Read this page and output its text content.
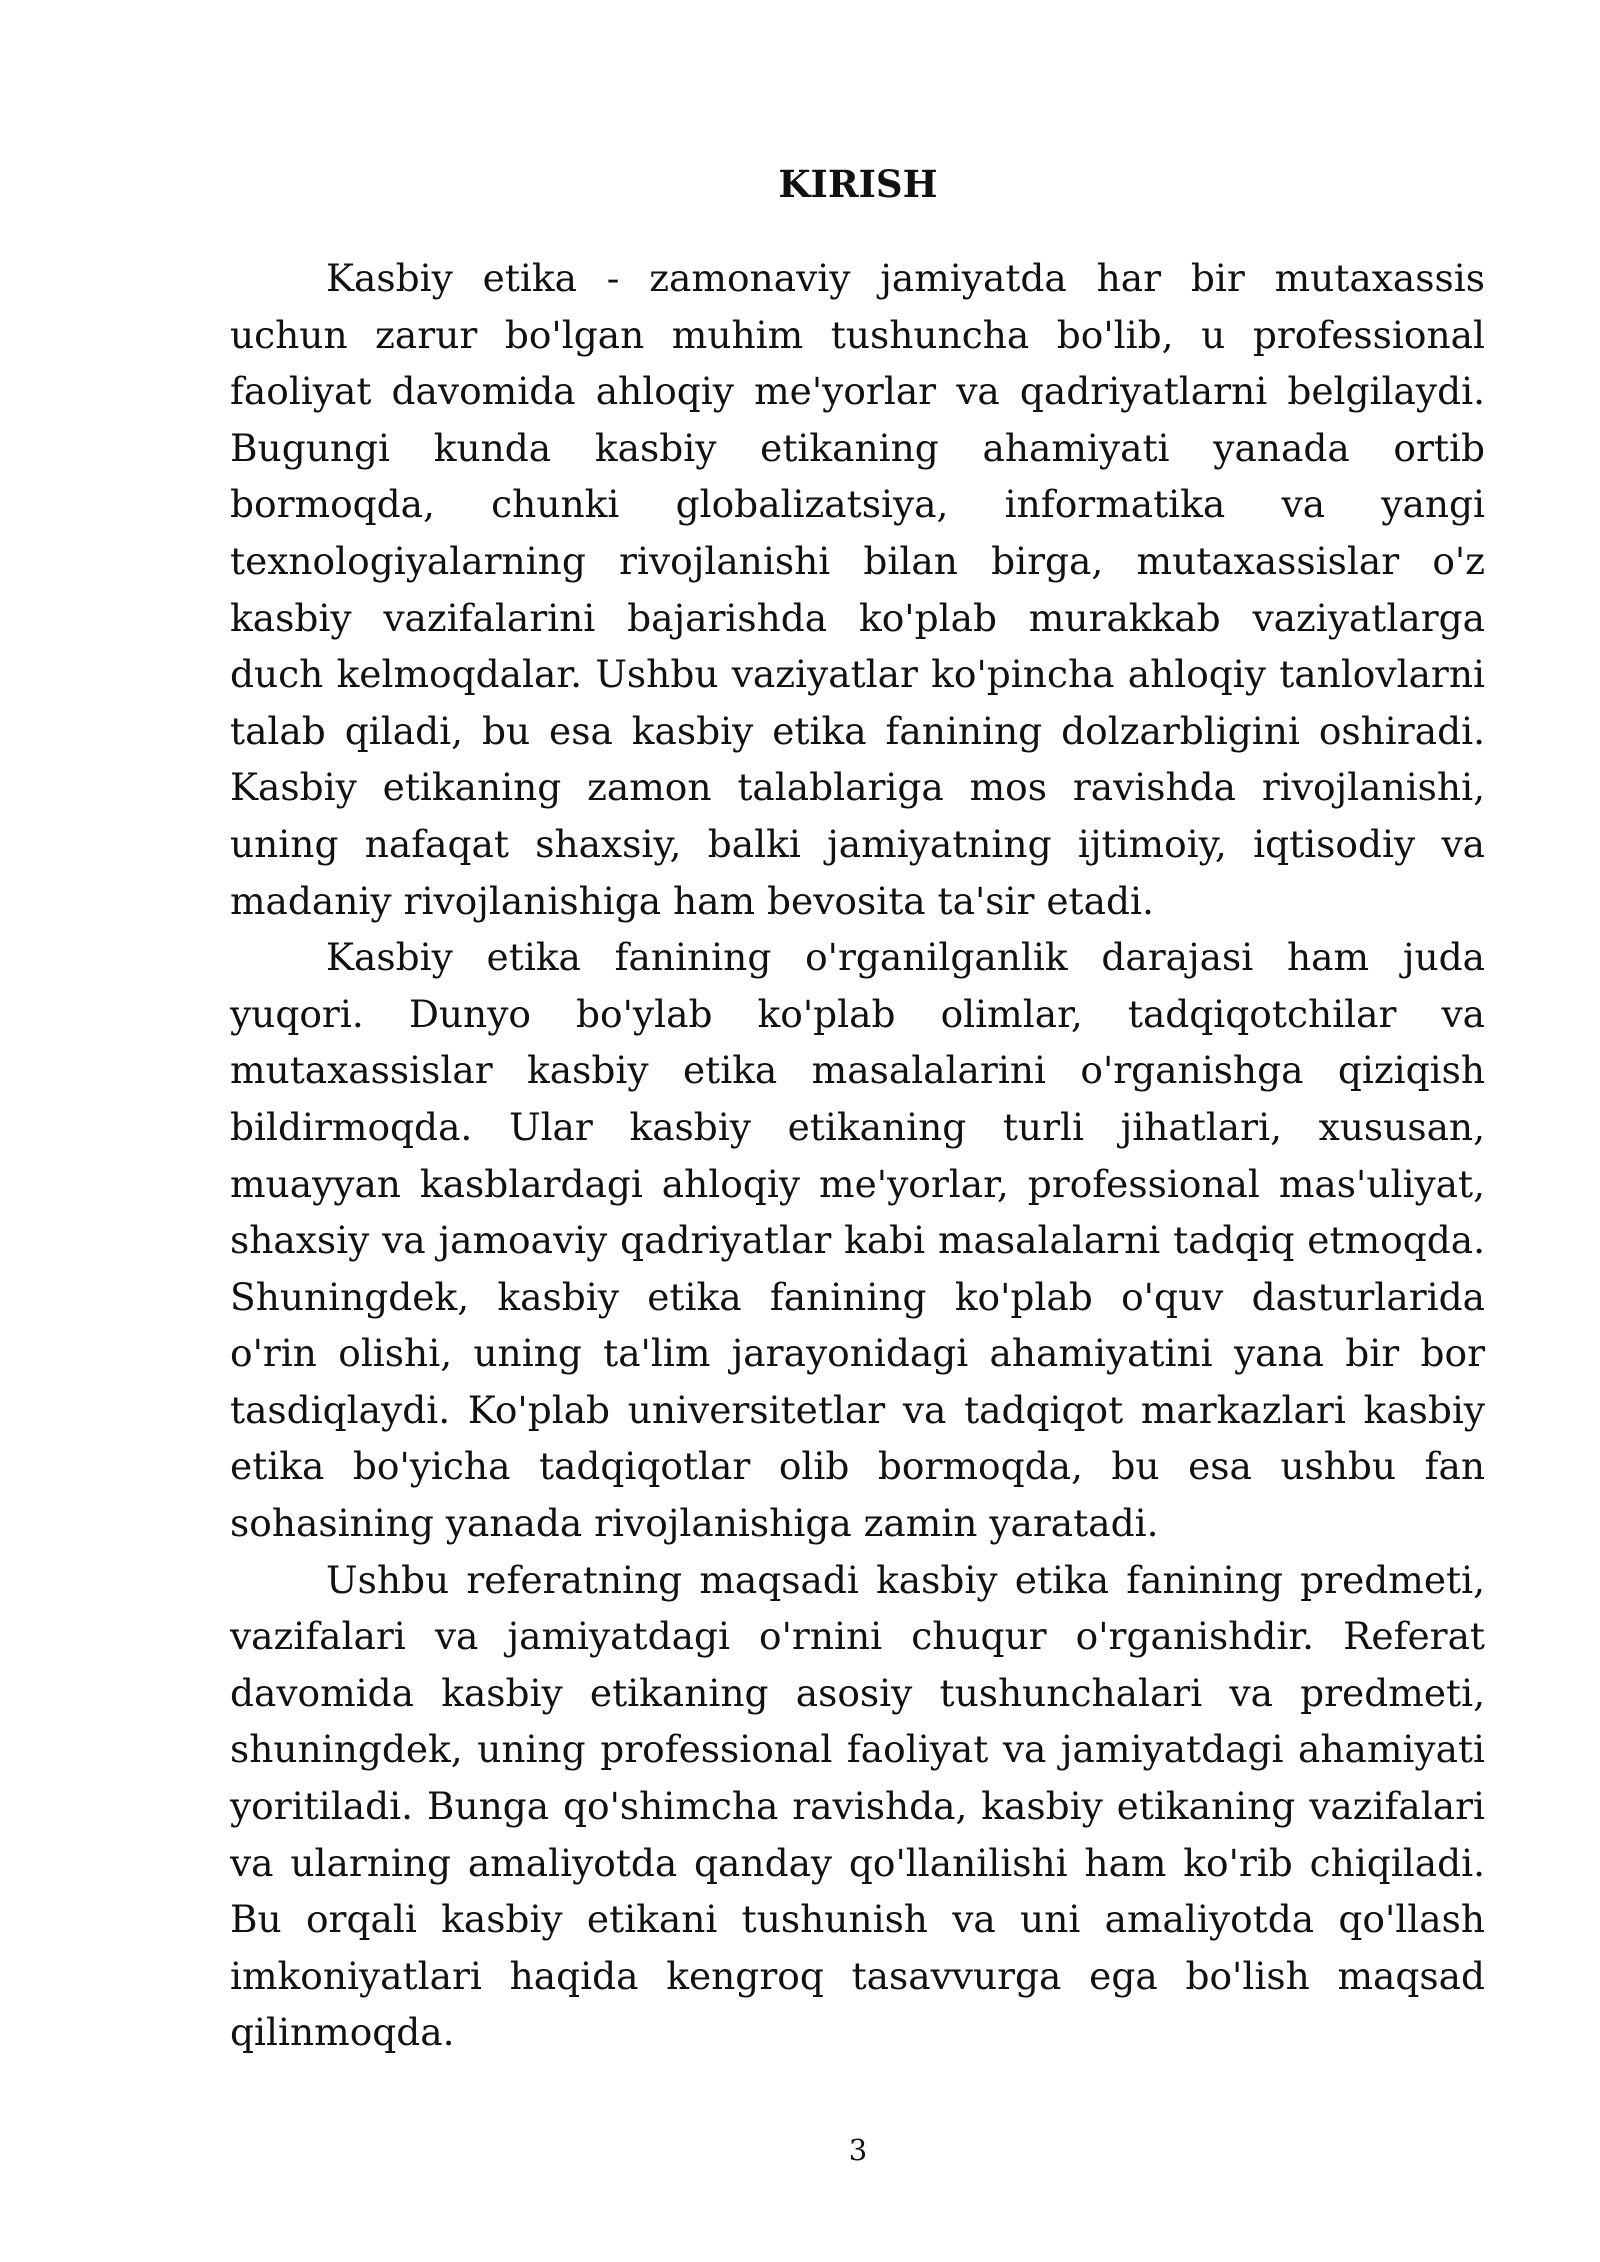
KIRISH

Kasbiy etika - zamonaviy jamiyatda har bir mutaxassis uchun zarur bo'lgan muhim tushuncha bo'lib, u professional faoliyat davomida ahloqiy me'yorlar va qadriyatlarni belgilaydi. Bugungi kunda kasbiy etikaning ahamiyati yanada ortib bormoqda, chunki globalizatsiya, informatika va yangi texnologiyalarning rivojlanishi bilan birga, mutaxassislar o'z kasbiy vazifalarini bajarishda ko'plab murakkab vaziyatlarga duch kelmoqdalar. Ushbu vaziyatlar ko'pincha ahloqiy tanlovlarni talab qiladi, bu esa kasbiy etika fanining dolzarbligini oshiradi. Kasbiy etikaning zamon talablariga mos ravishda rivojlanishi, uning nafaqat shaxsiy, balki jamiyatning ijtimoiy, iqtisodiy va madaniy rivojlanishiga ham bevosita ta'sir etadi.

Kasbiy etika fanining o'rganilganlik darajasi ham juda yuqori. Dunyo bo'ylab ko'plab olimlar, tadqiqotchilar va mutaxassislar kasbiy etika masalalarini o'rganishga qiziqish bildirmoqda. Ular kasbiy etikaning turli jihatlari, xususan, muayyan kasblardagi ahloqiy me'yorlar, professional mas'uliyat, shaxsiy va jamoaviy qadriyatlar kabi masalalarni tadqiq etmoqda. Shuningdek, kasbiy etika fanining ko'plab o'quv dasturlarida o'rin olishi, uning ta'lim jarayonidagi ahamiyatini yana bir bor tasdiqlaydi. Ko'plab universitetlar va tadqiqot markazlari kasbiy etika bo'yicha tadqiqotlar olib bormoqda, bu esa ushbu fan sohasining yanada rivojlanishiga zamin yaratadi.

Ushbu referatning maqsadi kasbiy etika fanining predmeti, vazifalari va jamiyatdagi o'rnini chuqur o'rganishdir. Referat davomida kasbiy etikaning asosiy tushunchalari va predmeti, shuningdek, uning professional faoliyat va jamiyatdagi ahamiyati yoritiladi. Bunga qo'shimcha ravishda, kasbiy etikaning vazifalari va ularning amaliyotda qanday qo'llanilishi ham ko'rib chiqiladi. Bu orqali kasbiy etikani tushunish va uni amaliyotda qo'llash imkoniyatlari haqida kengroq tasavvurga ega bo'lish maqsad qilinmoqda.

3
